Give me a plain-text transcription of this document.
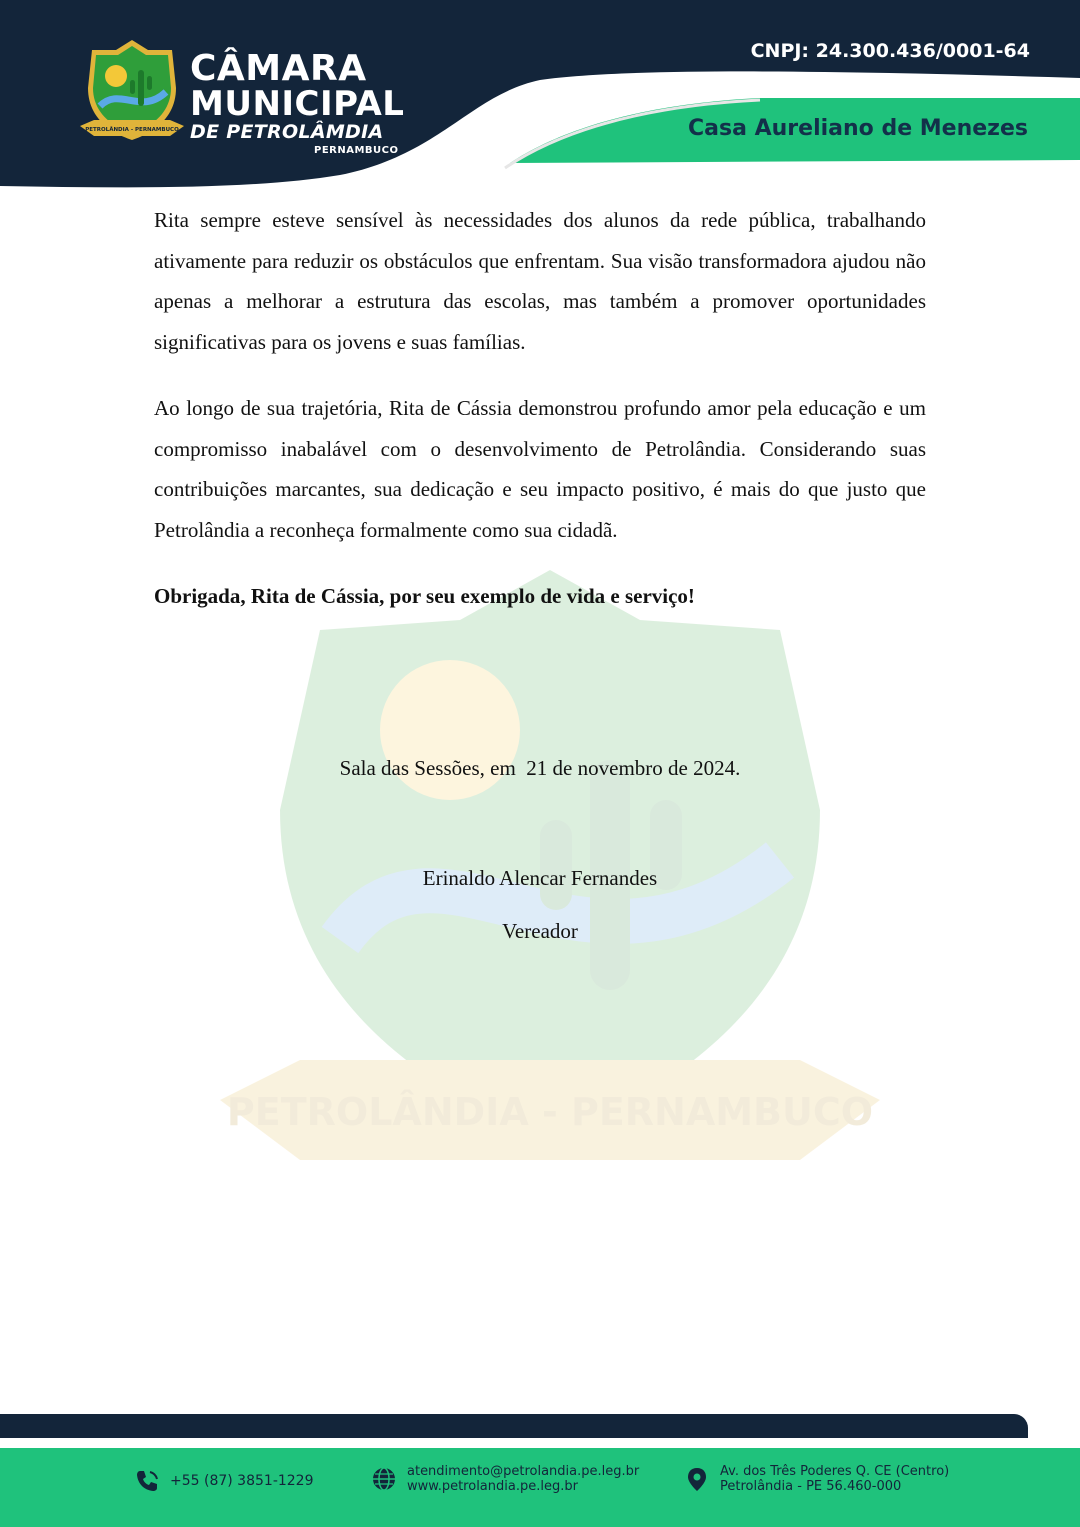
PETROLÂNDIA - PERNAMBUCO
CÂMARA
MUNICIPAL
DE PETROLÂMDIA
PERNAMBUCO
CNPJ: 24.300.436/0001-64
Casa Aureliano de Menezes
PETROLÂNDIA - PERNAMBUCO

Rita sempre esteve sensível às necessidades dos alunos da rede pública, trabalhando ativamente para reduzir os obstáculos que enfrentam. Sua visão transformadora ajudou não apenas a melhorar a estrutura das escolas, mas também a promover oportunidades significativas para os jovens e suas famílias.

Ao longo de sua trajetória, Rita de Cássia demonstrou profundo amor pela educação e um compromisso inabalável com o desenvolvimento de Petrolândia. Considerando suas contribuições marcantes, sua dedicação e seu impacto positivo, é mais do que justo que Petrolândia a reconheça formalmente como sua cidadã.

Obrigada, Rita de Cássia, por seu exemplo de vida e serviço!

Sala das Sessões, em  21 de novembro de 2024.
Erinaldo Alencar Fernandes
Vereador
+55 (87) 3851-1229
atendimento@petrolandia.pe.leg.br
www.petrolandia.pe.leg.br
Av. dos Três Poderes Q. CE (Centro)
Petrolândia - PE 56.460-000
